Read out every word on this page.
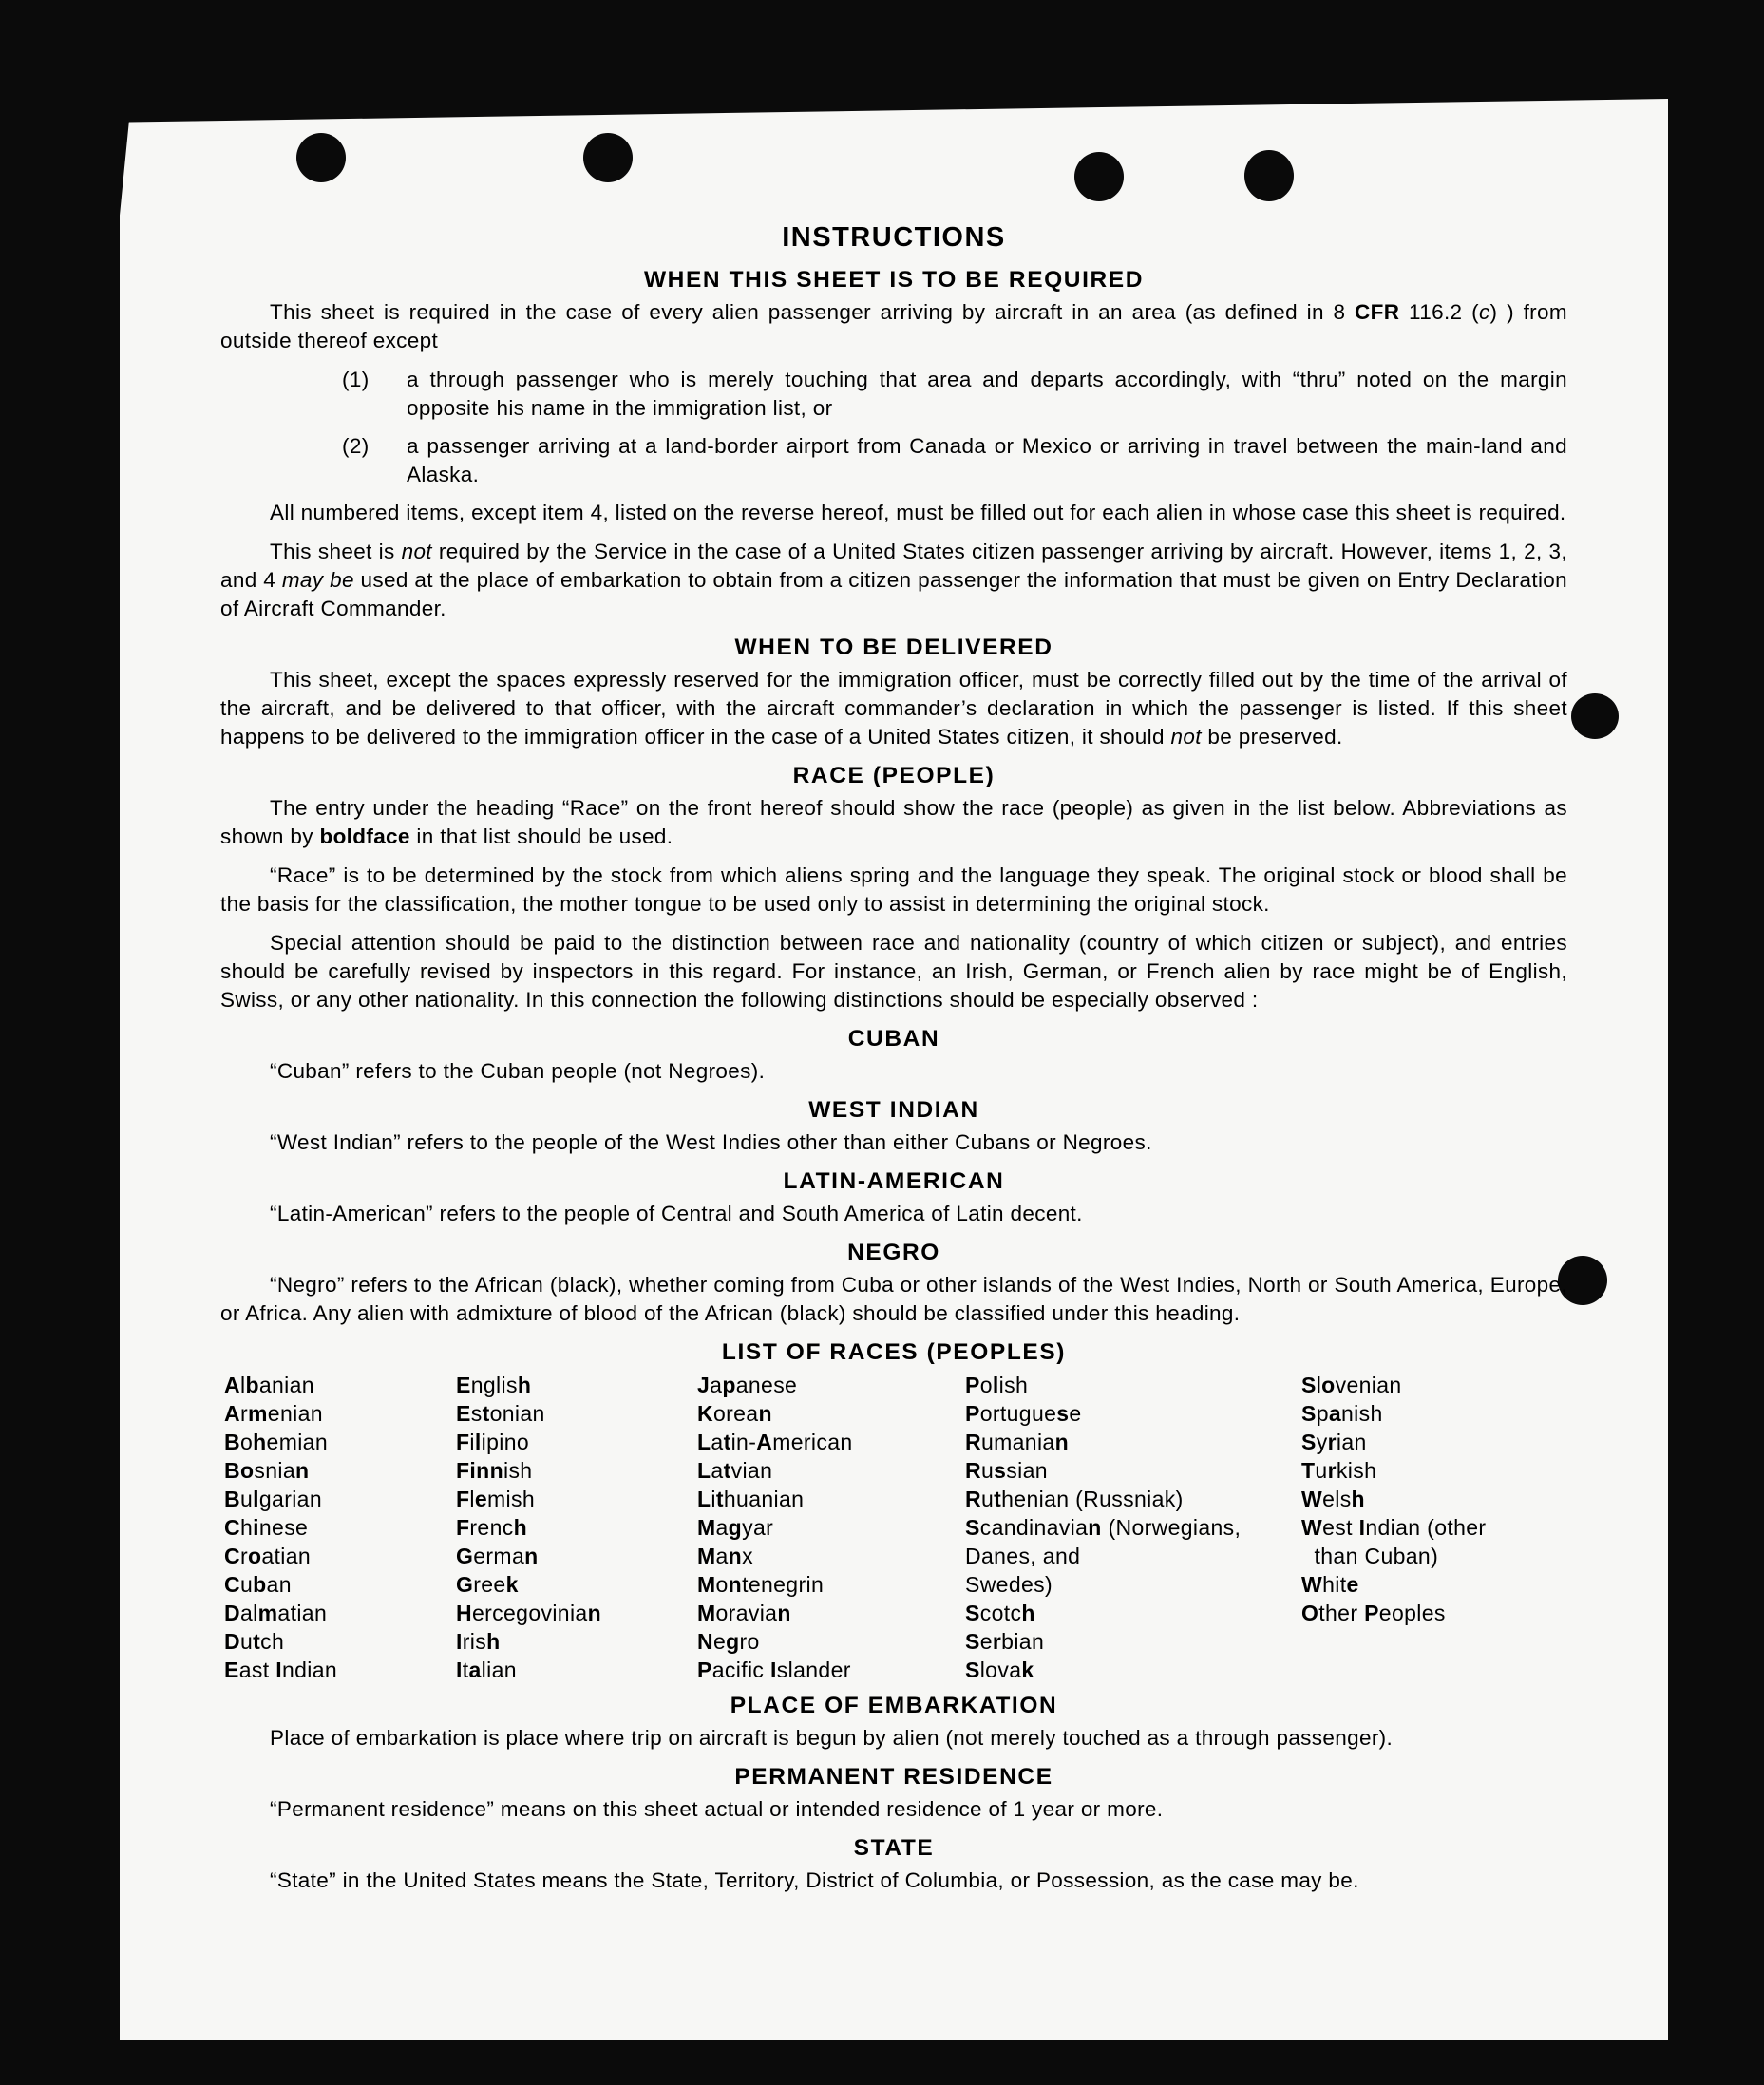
INSTRUCTIONS
WHEN THIS SHEET IS TO BE REQUIRED

This sheet is required in the case of every alien passenger arriving by aircraft in an area (as defined in 8 CFR 116.2 (c) ) from outside thereof except

(1)	a through passenger who is merely touching that area and departs accordingly, with “thru” noted on the margin opposite his name in the immigration list, or
(2)	a passenger arriving at a land-border airport from Canada or Mexico or arriving in travel between the main-land and Alaska.

All numbered items, except item 4, listed on the reverse hereof, must be filled out for each alien in whose case this sheet is required.

This sheet is not required by the Service in the case of a United States citizen passenger arriving by aircraft. However, items 1, 2, 3, and 4 may be used at the place of embarkation to obtain from a citizen passenger the information that must be given on Entry Declaration of Aircraft Commander.

WHEN TO BE DELIVERED

This sheet, except the spaces expressly reserved for the immigration officer, must be correctly filled out by the time of the arrival of the aircraft, and be delivered to that officer, with the aircraft commander’s declaration in which the passenger is listed. If this sheet happens to be delivered to the immigration officer in the case of a United States citizen, it should not be preserved.

RACE (PEOPLE)

The entry under the heading “Race” on the front hereof should show the race (people) as given in the list below. Abbreviations as shown by boldface in that list should be used.

“Race” is to be determined by the stock from which aliens spring and the language they speak. The original stock or blood shall be the basis for the classification, the mother tongue to be used only to assist in determining the original stock.

Special attention should be paid to the distinction between race and nationality (country of which citizen or subject), and entries should be carefully revised by inspectors in this regard. For instance, an Irish, German, or French alien by race might be of English, Swiss, or any other nationality. In this connection the following distinctions should be especially observed :

CUBAN

“Cuban” refers to the Cuban people (not Negroes).

WEST INDIAN

“West Indian” refers to the people of the West Indies other than either Cubans or Negroes.

LATIN-AMERICAN

“Latin-American” refers to the people of Central and South America of Latin decent.

NEGRO

“Negro” refers to the African (black), whether coming from Cuba or other islands of the West Indies, North or South America, Europe, or Africa. Any alien with admixture of blood of the African (black) should be classified under this heading.

LIST OF RACES (PEOPLES)
Albanian
Armenian
Bohemian
Bosnian
Bulgarian
Chinese
Croatian
Cuban
Dalmatian
Dutch
East Indian
English
Estonian
Filipino
Finnish
Flemish
French
German
Greek
Hercegovinian
Irish
Italian
Japanese
Korean
Latin-American
Latvian
Lithuanian
Magyar
Manx
Montenegrin
Moravian
Negro
Pacific Islander
Polish
Portuguese
Rumanian
Russian
Ruthenian (Russniak)
Scandinavian (Norwegians,
Danes, and
Swedes)
Scotch
Serbian
Slovak
Slovenian
Spanish
Syrian
Turkish
Welsh
West Indian (other
than Cuban)
White
Other Peoples
PLACE OF EMBARKATION

Place of embarkation is place where trip on aircraft is begun by alien (not merely touched as a through passenger).

PERMANENT RESIDENCE

“Permanent residence” means on this sheet actual or intended residence of 1 year or more.

STATE

“State” in the United States means the State, Territory, District of Columbia, or Possession, as the case may be.
